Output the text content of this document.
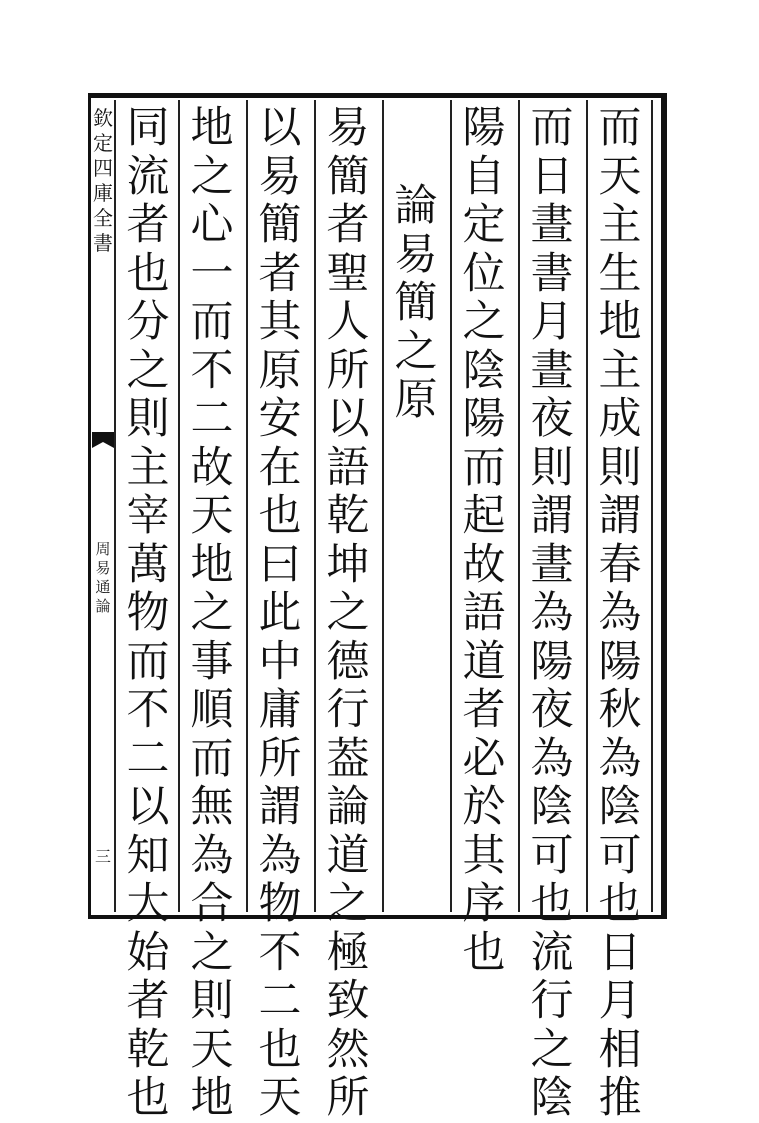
欽定四庫全書
周易通論
三
而天主生地主成則謂春為陽秋為陰可也日月相推
而日晝書月晝夜則謂晝為陽夜為陰可也流行之陰
陽自定位之陰陽而起故語道者必於其序也
論易簡之原
易簡者聖人所以語乾坤之德行葢論道之極致然所
以易簡者其原安在也曰此中庸所謂為物不二也天
地之心一而不二故天地之事順而無為合之則天地
同流者也分之則主宰萬物而不二以知大始者乾也
